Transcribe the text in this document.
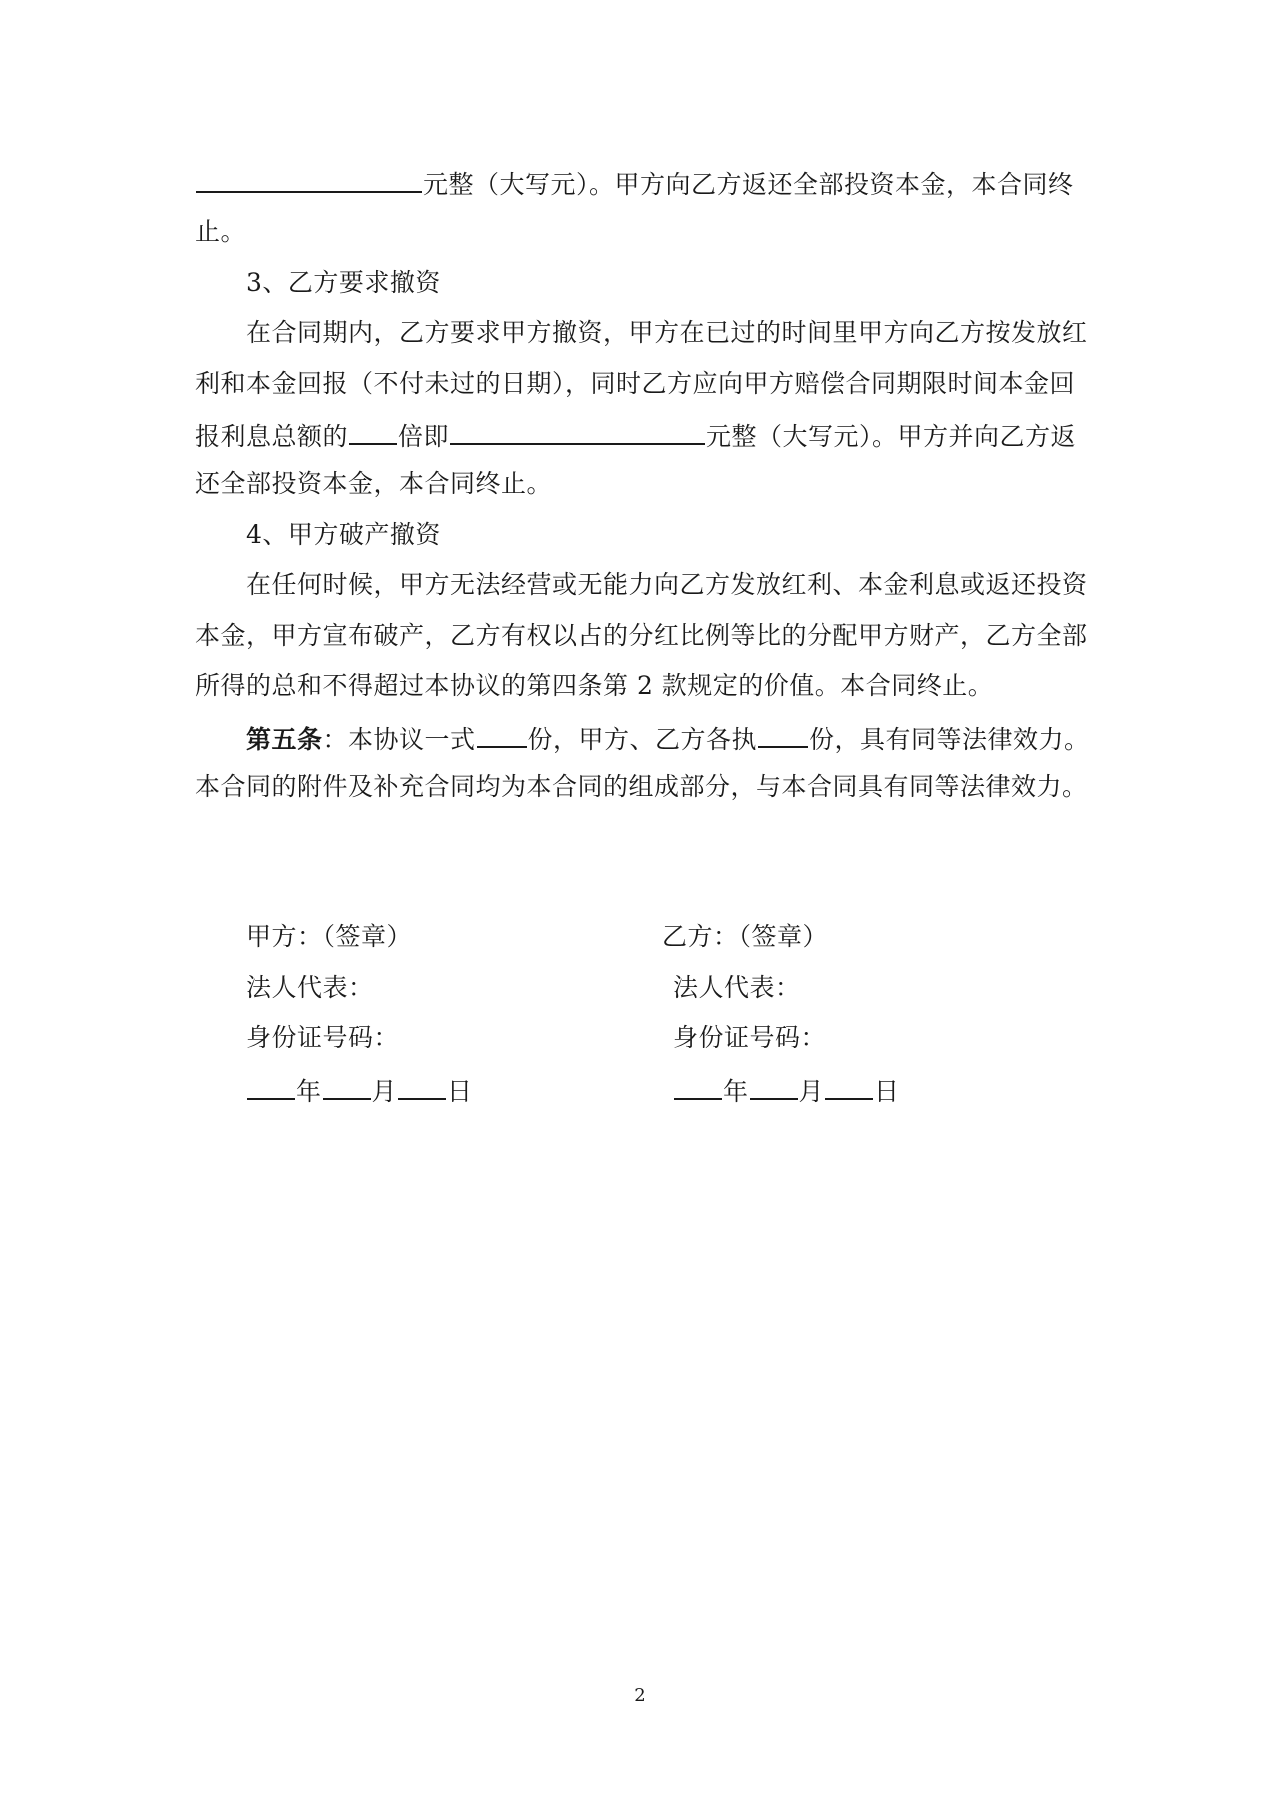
元整（大写元）。甲方向乙方返还全部投资本金，本合同终
止。
3、乙方要求撤资
在合同期内，乙方要求甲方撤资，甲方在已过的时间里甲方向乙方按发放红
利和本金回报（不付未过的日期），同时乙方应向甲方赔偿合同期限时间本金回
报利息总额的 倍即	元整（大写元）。甲方并向乙方返
还全部投资本金，本合同终止。
4、甲方破产撤资
在任何时候，甲方无法经营或无能力向乙方发放红利、本金利息或返还投资
本金，甲方宣布破产，乙方有权以占的分红比例等比的分配甲方财产，乙方全部
所得的总和不得超过本协议的第四条第 2 款规定的价值。本合同终止。
第五条：本协议一式 份，甲方、乙方各执 份，具有同等法律效力。
本合同的附件及补充合同均为本合同的组成部分，与本合同具有同等法律效力。
甲方：（签章）
法人代表：
身份证号码：
年 月 日
乙方：（签章）
法人代表：
身份证号码：
年 月 日
2
